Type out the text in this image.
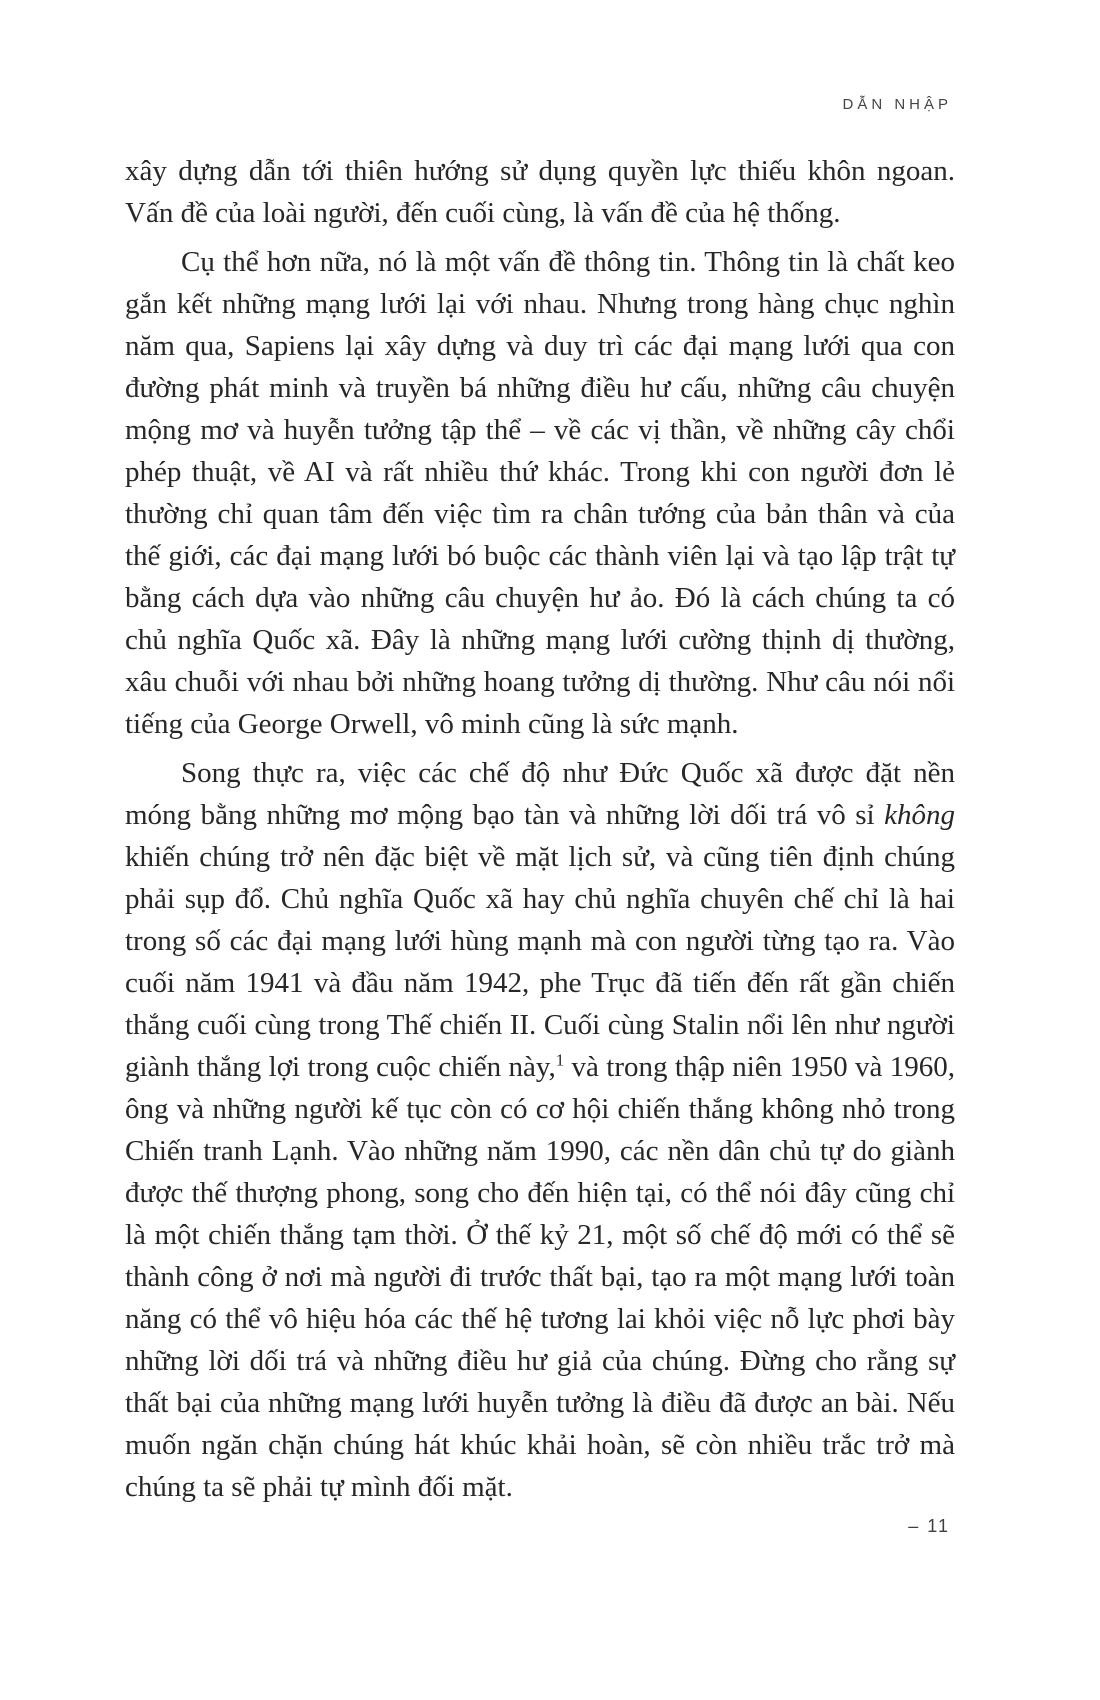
DẪN NHẬP

xây dựng dẫn tới thiên hướng sử dụng quyền lực thiếu khôn ngoan. Vấn đề của loài người, đến cuối cùng, là vấn đề của hệ thống.

Cụ thể hơn nữa, nó là một vấn đề thông tin. Thông tin là chất keo gắn kết những mạng lưới lại với nhau. Nhưng trong hàng chục nghìn năm qua, Sapiens lại xây dựng và duy trì các đại mạng lưới qua con đường phát minh và truyền bá những điều hư cấu, những câu chuyện mộng mơ và huyễn tưởng tập thể – về các vị thần, về những cây chổi phép thuật, về AI và rất nhiều thứ khác. Trong khi con người đơn lẻ thường chỉ quan tâm đến việc tìm ra chân tướng của bản thân và của thế giới, các đại mạng lưới bó buộc các thành viên lại và tạo lập trật tự bằng cách dựa vào những câu chuyện hư ảo. Đó là cách chúng ta có chủ nghĩa Quốc xã. Đây là những mạng lưới cường thịnh dị thường, xâu chuỗi với nhau bởi những hoang tưởng dị thường. Như câu nói nổi tiếng của George Orwell, vô minh cũng là sức mạnh.

Song thực ra, việc các chế độ như Đức Quốc xã được đặt nền móng bằng những mơ mộng bạo tàn và những lời dối trá vô sỉ không khiến chúng trở nên đặc biệt về mặt lịch sử, và cũng tiên định chúng phải sụp đổ. Chủ nghĩa Quốc xã hay chủ nghĩa chuyên chế chỉ là hai trong số các đại mạng lưới hùng mạnh mà con người từng tạo ra. Vào cuối năm 1941 và đầu năm 1942, phe Trục đã tiến đến rất gần chiến thắng cuối cùng trong Thế chiến II. Cuối cùng Stalin nổi lên như người giành thắng lợi trong cuộc chiến này,$^1$ và trong thập niên 1950 và 1960, ông và những người kế tục còn có cơ hội chiến thắng không nhỏ trong Chiến tranh Lạnh. Vào những năm 1990, các nền dân chủ tự do giành được thế thượng phong, song cho đến hiện tại, có thể nói đây cũng chỉ là một chiến thắng tạm thời. Ở thế kỷ 21, một số chế độ mới có thể sẽ thành công ở nơi mà người đi trước thất bại, tạo ra một mạng lưới toàn năng có thể vô hiệu hóa các thế hệ tương lai khỏi việc nỗ lực phơi bày những lời dối trá và những điều hư giả của chúng. Đừng cho rằng sự thất bại của những mạng lưới huyễn tưởng là điều đã được an bài. Nếu muốn ngăn chặn chúng hát khúc khải hoàn, sẽ còn nhiều trắc trở mà chúng ta sẽ phải tự mình đối mặt.

– 11
